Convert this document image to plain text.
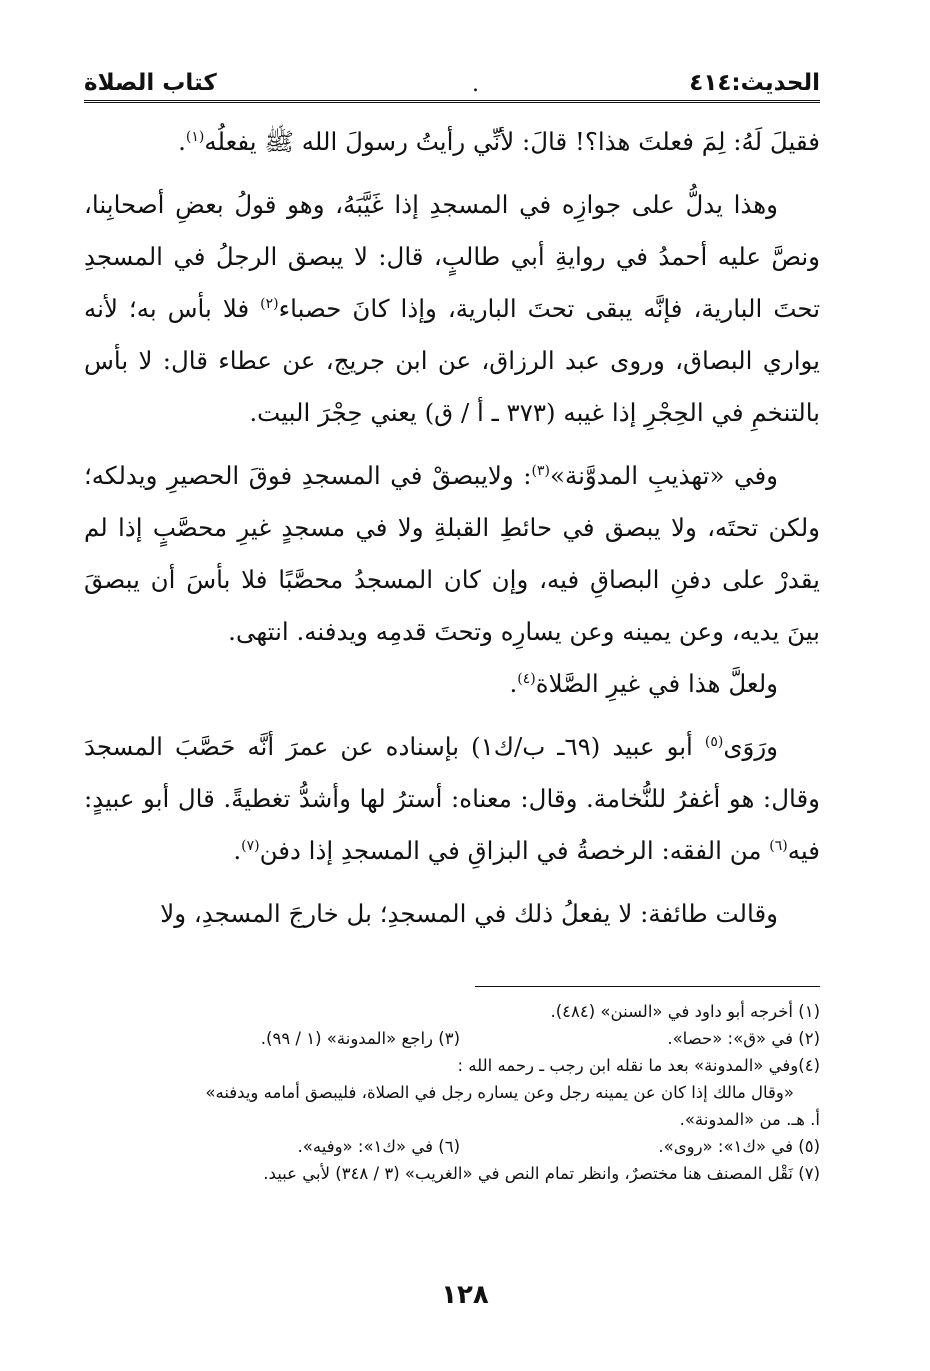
الحديث:٤١٤
.
كتاب الصلاة

فقيلَ لَهُ: لِمَ فعلتَ هذا؟! قالَ: لأنِّي رأيتُ رسولَ الله ﷺ يفعلُه$^{(١)}$.

وهذا يدلُّ على جوازِه في المسجدِ إذا غَيَّبَهُ، وهو قولُ بعضِ أصحابِنا، ونصَّ عليه أحمدُ في روايةِ أبي طالبٍ، قال: لا يبصق الرجلُ في المسجدِ تحتَ البارية، فإنَّه يبقى تحتَ البارية، وإذا كانَ حصباء$^{(٢)}$ فلا بأس به؛ لأنه يواري البصاق، وروى عبد الرزاق، عن ابن جريج، عن عطاء قال: لا بأس بالتنخمِ في الحِجْرِ إذا غيبه (٣٧٣ ـ أ / ق) يعني حِجْرَ البيت.

وفي «تهذيبِ المدوَّنة»$^{(٣)}$: ولايبصقْ في المسجدِ فوقَ الحصيرِ ويدلكه؛ ولكن تحتَه، ولا يبصق في حائطِ القبلةِ ولا في مسجدٍ غيرِ محصَّبٍ إذا لم يقدرْ على دفنِ البصاقِ فيه، وإن كان المسجدُ محصَّبًا فلا بأسَ أن يبصقَ بينَ يديه، وعن يمينه وعن يسارِه وتحتَ قدمِه ويدفنه. انتهى.

ولعلَّ هذا في غيرِ الصَّلاة$^{(٤)}$.

ورَوَى$^{(٥)}$ أبو عبيد (٦٩ـ ب/ك١) بإسناده عن عمرَ أنَّه حَصَّبَ المسجدَ وقال: هو أغفرُ للنُّخامة. وقال: معناه: أسترُ لها وأشدُّ تغطيةً. قال أبو عبيدٍ: فيه$^{(٦)}$ من الفقه: الرخصةُ في البزاقِ في المسجدِ إذا دفن$^{(٧)}$.

وقالت طائفة: لا يفعلُ ذلك في المسجدِ؛ بل خارجَ المسجدِ، ولا

(١) أخرجه أبو داود في «السنن» (٤٨٤).
(٢) في «ق»: «حصا».
(٣) راجع «المدونة» (١ / ٩٩).
(٤)وفي «المدونة» بعد ما نقله ابن رجب ـ رحمه الله :
«وقال مالك إذا كان عن يمينه رجل وعن يساره رجل في الصلاة، فليبصق أمامه ويدفنه»
أ. هـ. من «المدونة».
(٥) في «ك١»: «روى».
(٦) في «ك١»: «وفيه».
(٧) نَقْل المصنف هنا مختصرٌ، وانظر تمام النص في «الغريب» (٣ / ٣٤٨) لأبي عبيد.
١٢٨
